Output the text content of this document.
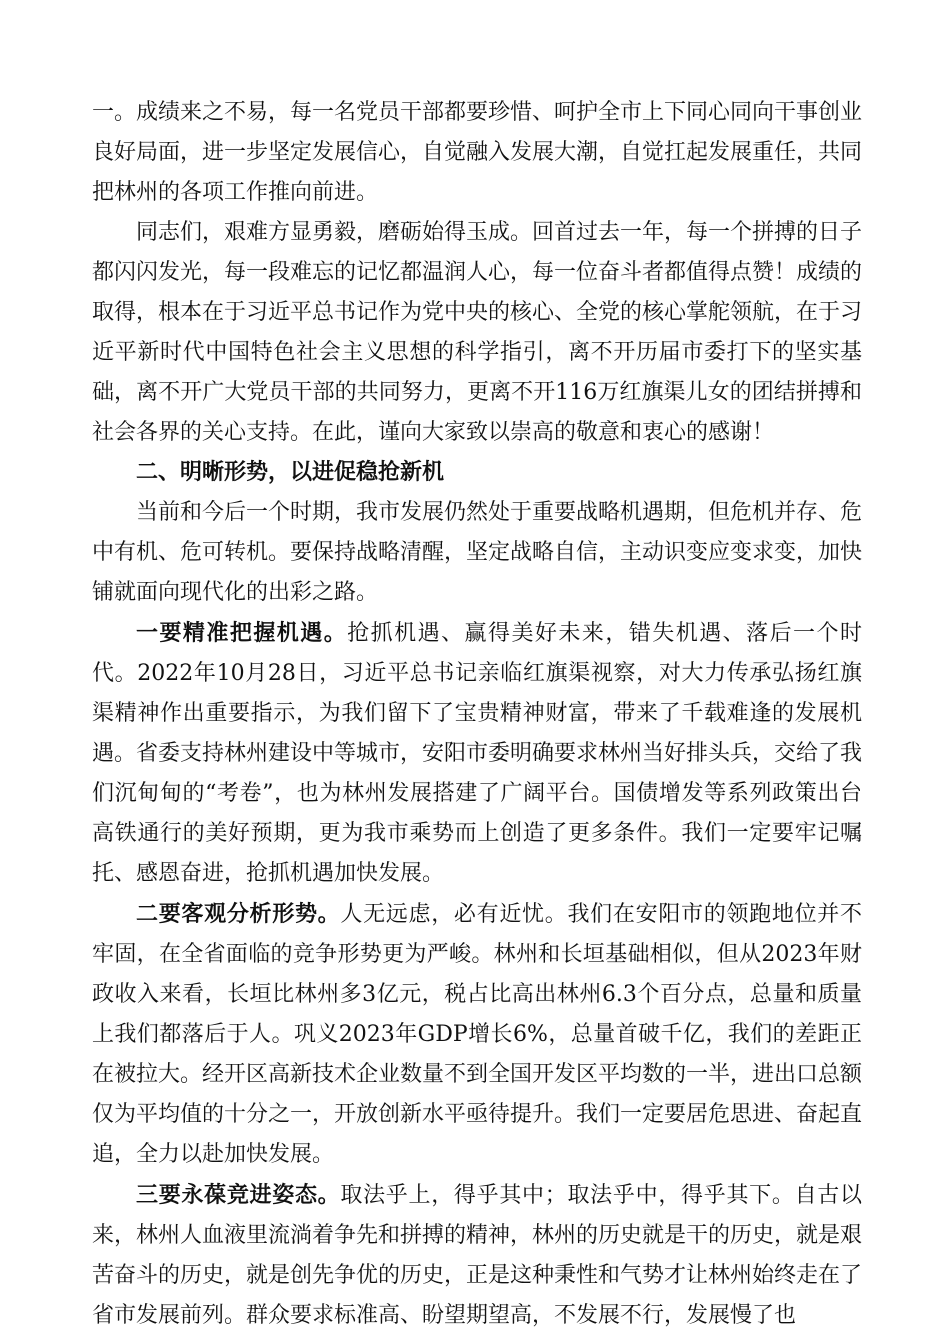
一。成绩来之不易，每一名党员干部都要珍惜、呵护全市上下同心同向干事创业良好局面，进一步坚定发展信心，自觉融入发展大潮，自觉扛起发展重任，共同把林州的各项工作推向前进。

同志们，艰难方显勇毅，磨砺始得玉成。回首过去一年，每一个拼搏的日子都闪闪发光，每一段难忘的记忆都温润人心，每一位奋斗者都值得点赞！成绩的取得，根本在于习近平总书记作为党中央的核心、全党的核心掌舵领航，在于习近平新时代中国特色社会主义思想的科学指引，离不开历届市委打下的坚实基础，离不开广大党员干部的共同努力，更离不开116万红旗渠儿女的团结拼搏和社会各界的关心支持。在此，谨向大家致以崇高的敬意和衷心的感谢！

二、明晰形势，以进促稳抢新机

当前和今后一个时期，我市发展仍然处于重要战略机遇期，但危机并存、危中有机、危可转机。要保持战略清醒，坚定战略自信，主动识变应变求变，加快铺就面向现代化的出彩之路。

一要精准把握机遇。抢抓机遇、赢得美好未来，错失机遇、落后一个时代。2022年10月28日，习近平总书记亲临红旗渠视察，对大力传承弘扬红旗渠精神作出重要指示，为我们留下了宝贵精神财富，带来了千载难逢的发展机遇。省委支持林州建设中等城市，安阳市委明确要求林州当好排头兵，交给了我们沉甸甸的“考卷”，也为林州发展搭建了广阔平台。国债增发等系列政策出台高铁通行的美好预期，更为我市乘势而上创造了更多条件。我们一定要牢记嘱托、感恩奋进，抢抓机遇加快发展。

二要客观分析形势。人无远虑，必有近忧。我们在安阳市的领跑地位并不牢固，在全省面临的竞争形势更为严峻。林州和长垣基础相似，但从2023年财政收入来看，长垣比林州多3亿元，税占比高出林州6.3个百分点，总量和质量上我们都落后于人。巩义2023年GDP增长6%，总量首破千亿，我们的差距正在被拉大。经开区高新技术企业数量不到全国开发区平均数的一半，进出口总额仅为平均值的十分之一，开放创新水平亟待提升。我们一定要居危思进、奋起直追，全力以赴加快发展。

三要永葆竞进姿态。取法乎上，得乎其中；取法乎中，得乎其下。自古以来，林州人血液里流淌着争先和拼搏的精神，林州的历史就是干的历史，就是艰苦奋斗的历史，就是创先争优的历史，正是这种秉性和气势才让林州始终走在了省市发展前列。群众要求标准高、盼望期望高，不发展不行，发展慢了也
